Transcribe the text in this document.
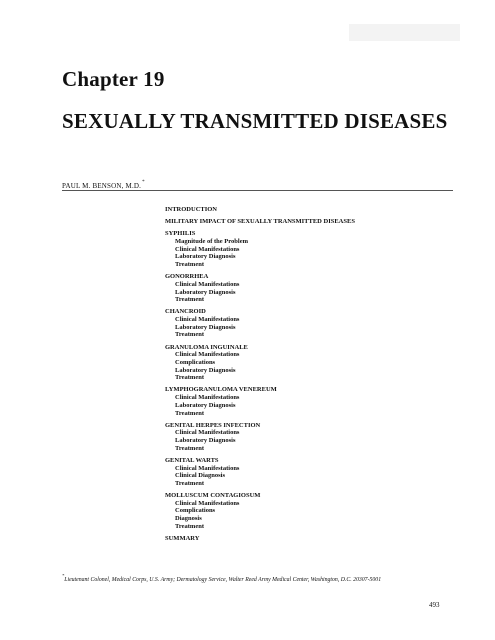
Chapter 19
SEXUALLY TRANSMITTED DISEASES
PAUL M. BENSON, M.D.*
INTRODUCTION
MILITARY IMPACT OF SEXUALLY TRANSMITTED DISEASES
SYPHILIS
Magnitude of the Problem
Clinical Manifestations
Laboratory Diagnosis
Treatment
GONORRHEA
Clinical Manifestations
Laboratory Diagnosis
Treatment
CHANCROID
Clinical Manifestations
Laboratory Diagnosis
Treatment
GRANULOMA INGUINALE
Clinical Manifestations
Complications
Laboratory Diagnosis
Treatment
LYMPHOGRANULOMA VENEREUM
Clinical Manifestations
Laboratory Diagnosis
Treatment
GENITAL HERPES INFECTION
Clinical Manifestations
Laboratory Diagnosis
Treatment
GENITAL WARTS
Clinical Manifestations
Clinical Diagnosis
Treatment
MOLLUSCUM CONTAGIOSUM
Clinical Manifestations
Complications
Diagnosis
Treatment
SUMMARY
*Lieutenant Colonel, Medical Corps, U.S. Army; Dermatology Service, Walter Reed Army Medical Center, Washington, D.C. 20307-5001
493
